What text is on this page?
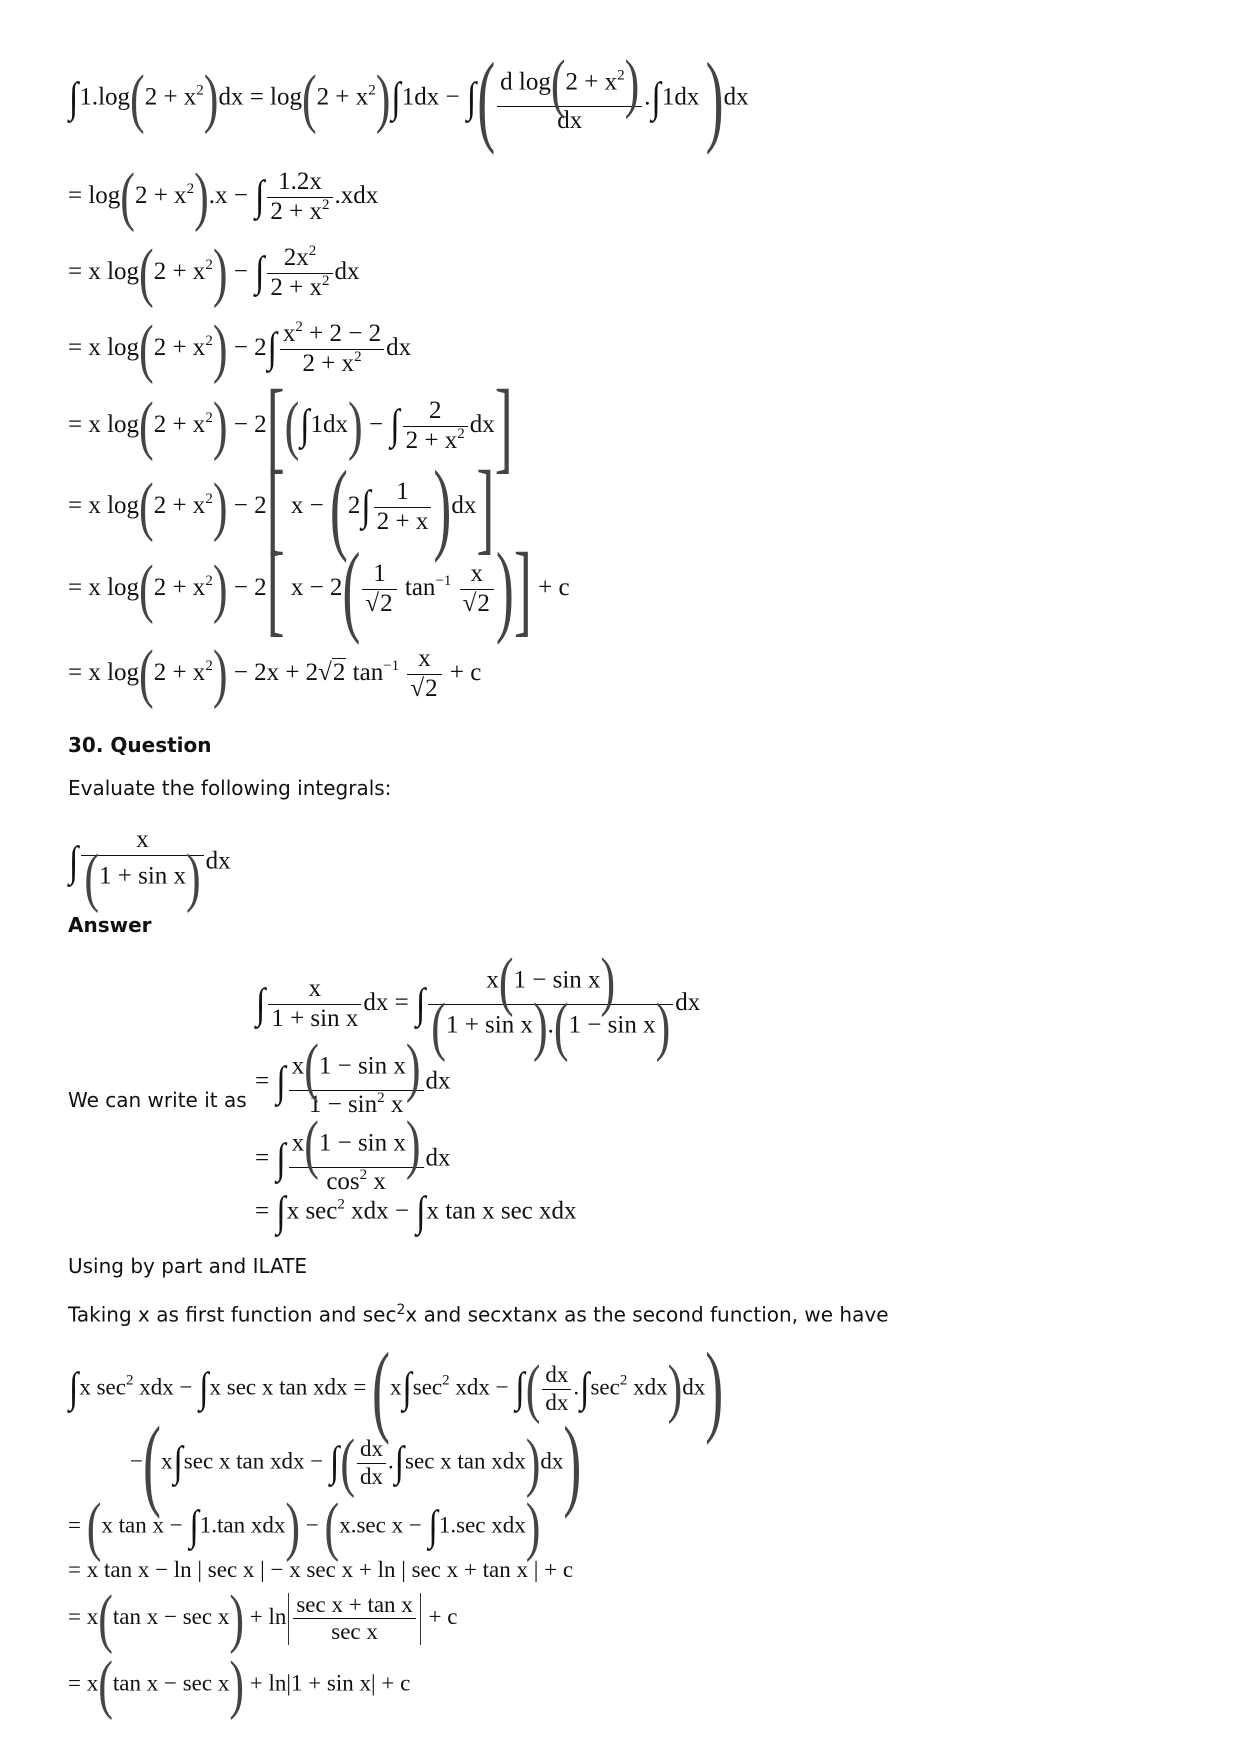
$\int 1.\log(2 + x^2)dx = \log(2 + x^2)\int 1dx$ − ∫( $\frac{d \log(2 + x^2)}{dx} .\int 1dx$ )dx
= $\log(2 + x^2).x$ − ∫ $\frac{1.2x}{2 + x^2} .xdx$
= x $\log(2 + x^2)$ − ∫ $\frac{2x^2}{2 + x^2}$ dx
= x $\log(2 + x^2) - 2\int \frac{x^2 + 2 - 2}{2 + x^2}$ dx
= x $\log(2 + x^2) - 2[(\int 1dx)$ − ∫ $\frac{2}{2 + x^2} dx$]
= x $\log(2 + x^2) - 2$[ $x - (2\int \frac{1}{2 + x} )dx$]
= x $\log(2 + x^2) - 2$[ x − 2( 1
√ 2 $\tan^{-1} x$
√ 2 )] + c
= x $\log(2 + x^2) - 2x + 2√$ 2 $\tan^{-1} x$
√ 2 + c
30. Question
Evaluate the following integrals:
∫ $\frac{x}{\text{(1 + sin x)}}$ dx
Answer
∫ $\frac{x}{\text{1 + sin x}}$ dx = ∫ $\frac{\text{x(1 − sin x)}}{\text{(1 + sin x).(1 − sin x)}}$ dx
We can write it as
= ∫ $\frac{\text{x(1 − sin x)}}{1 - \sin^2 x}$ dx
= ∫ $\frac{\text{x(1 − sin x)}}{\cos^2 x}$ dx
= ∫x $\sec^2$ xdx − ∫x tan x sec xdx
Using by part and ILATE
Taking x as first function and $\sec^2x$ and secxtanx as the second function, we have
∫x $\sec^2$ xdx − ∫x sec x tan xdx = ($x\int\sec^2$ xdx − ∫( $\frac{dx}{dx} .\int\sec^2$ xdx)dx)
−(x∫sec x tan xdx − ∫( $\frac{dx}{dx} .\int\sec$ x tan xdx)dx)
= (x tan x − ∫1.tan xdx) − (x.sec x − ∫1.sec xdx)
= x tan x − ln | sec x | − x sec x + ln | sec x + tan x | + c
= x(tan $x - \sec x) + \ln \frac{\text{sec x + tan x}}{\text{sec x}} + c$
= x(tan x − sec x) + ln|1 + sin x| + c
